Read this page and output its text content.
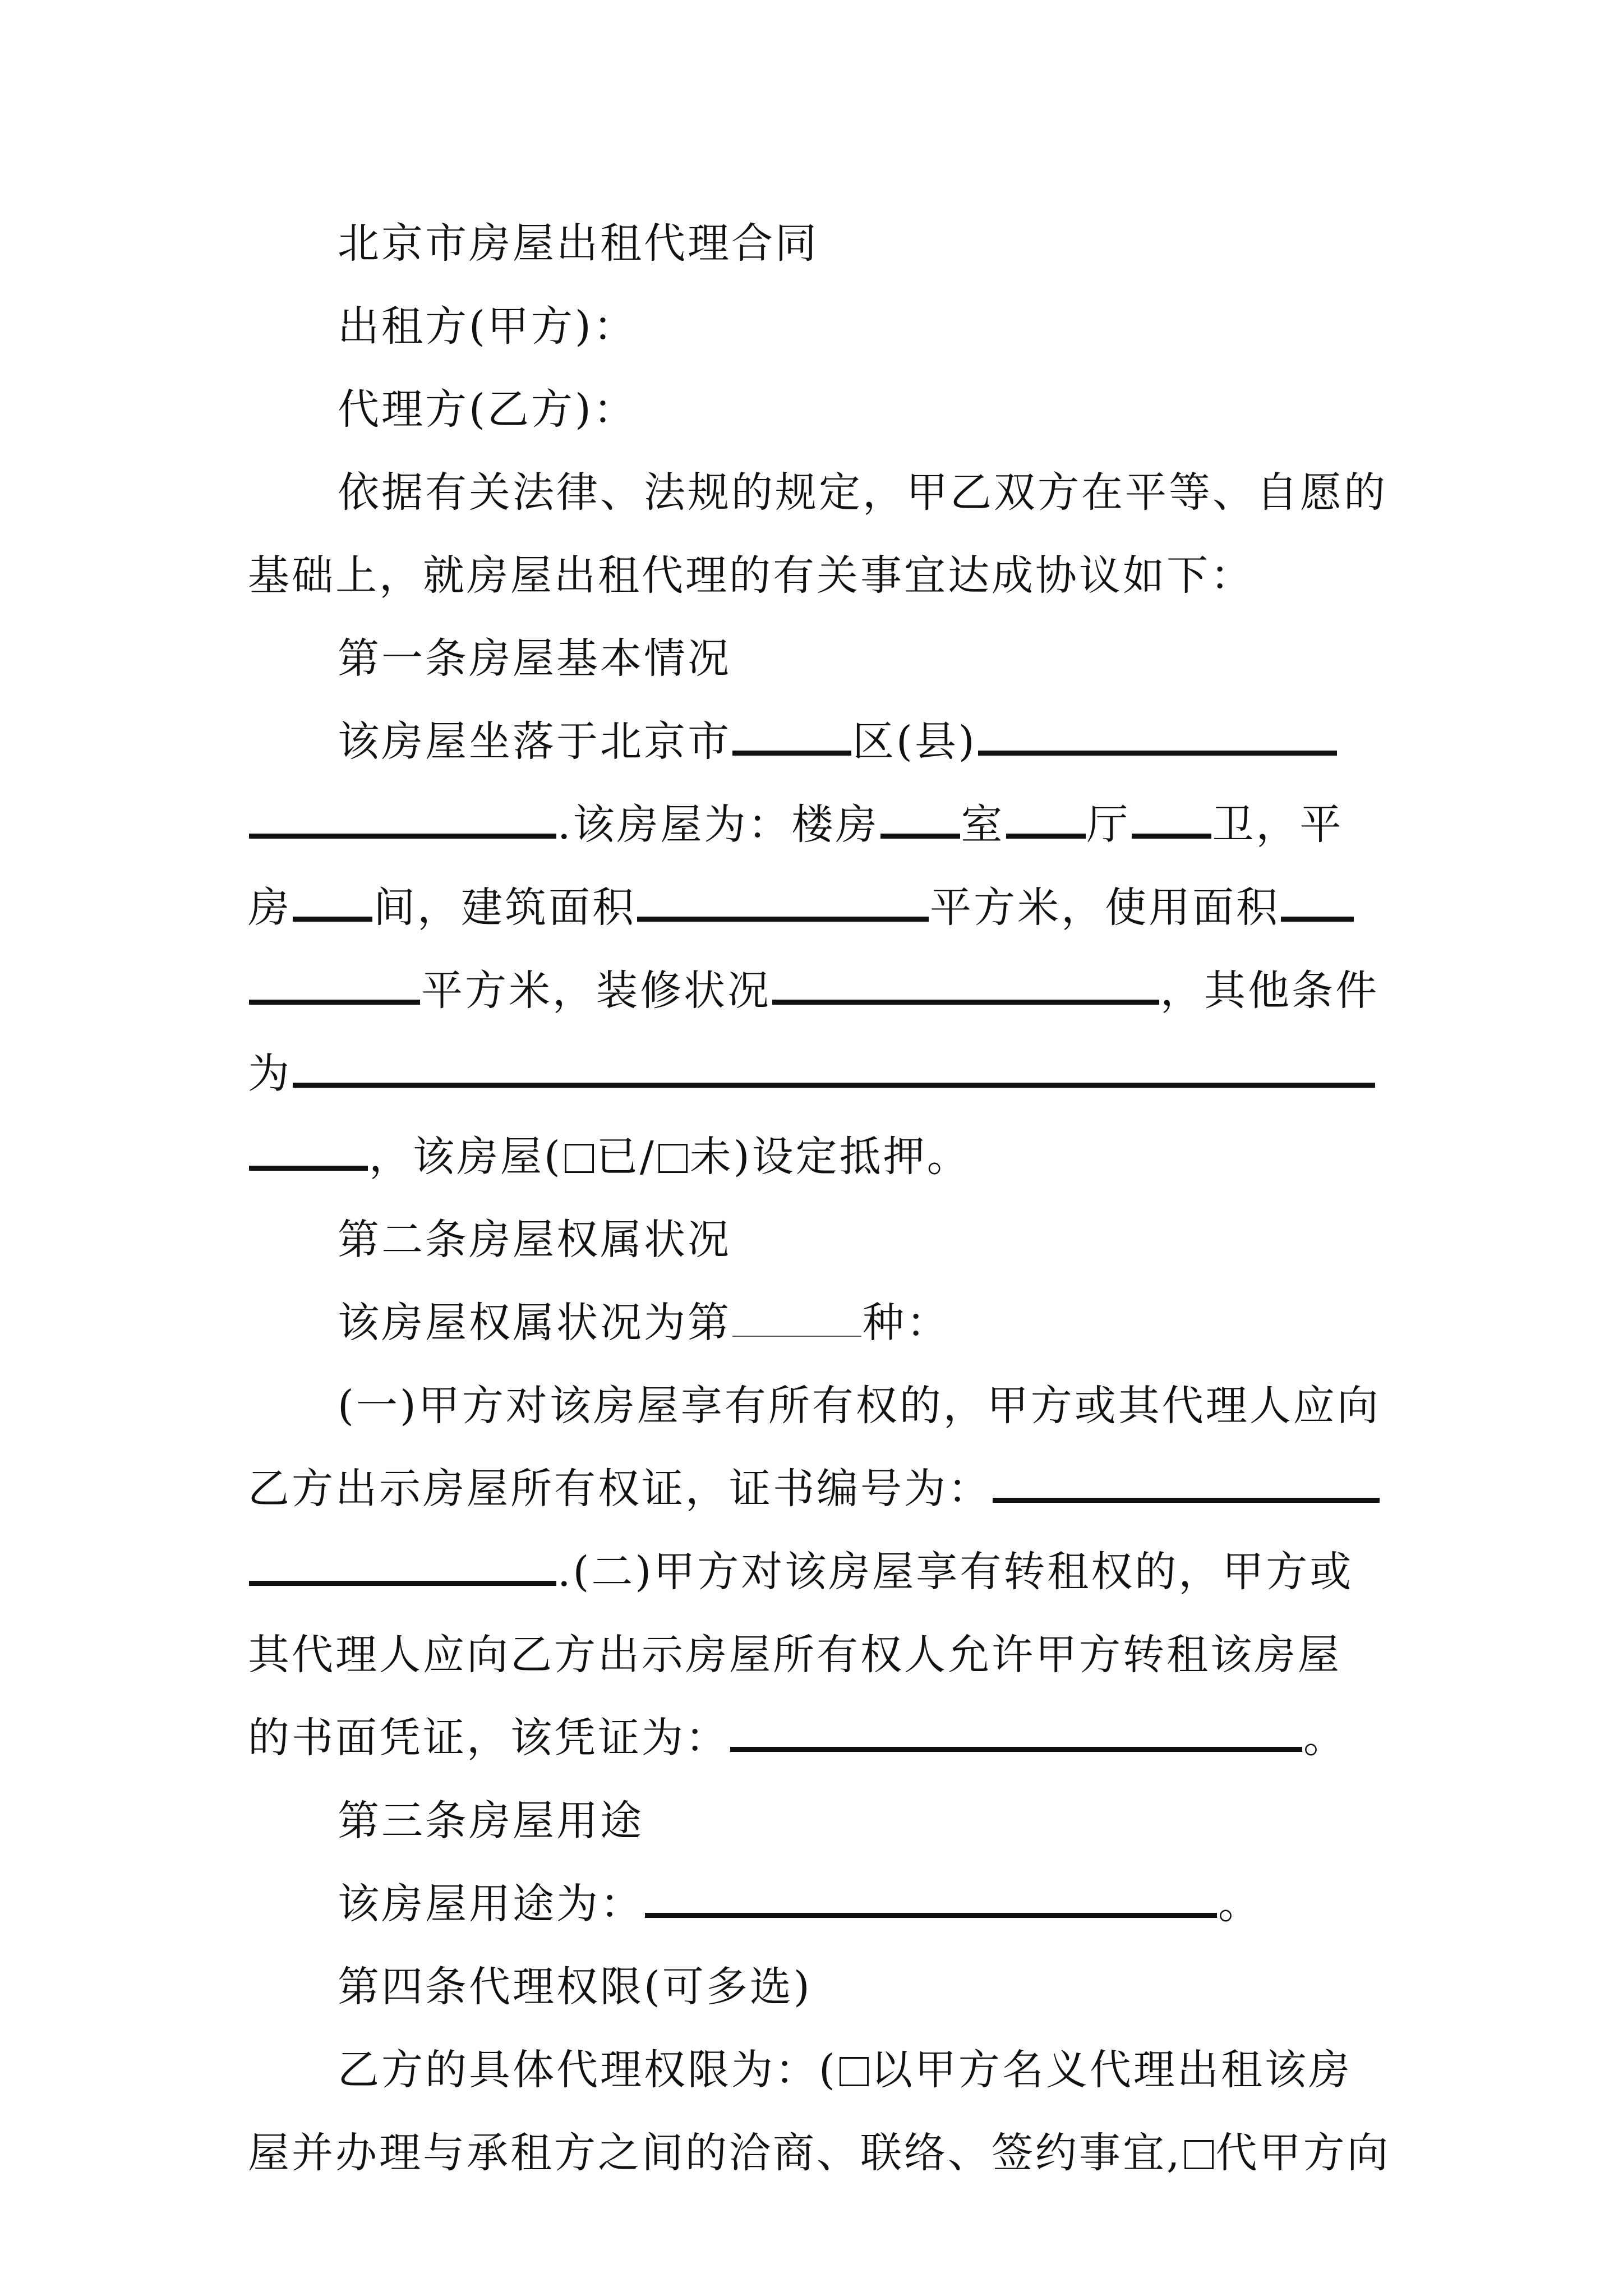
北京市房屋出租代理合同
出租方(甲方)：
代理方(乙方)：
依据有关法律、法规的规定，甲乙双方在平等、自愿的
基础上，就房屋出租代理的有关事宜达成协议如下：
第一条房屋基本情况
该房屋坐落于北京市	区(县)
.该房屋为：楼房 室 厅 卫，平
房 间，建筑面积	平方米，使用面积
平方米，装修状况	，其他条件
为
，该房屋( 已/ 未)设定抵押。
第二条房屋权属状况
该房屋权属状况为第	种：
(一)甲方对该房屋享有所有权的，甲方或其代理人应向
乙方出示房屋所有权证，证书编号为：
.(二)甲方对该房屋享有转租权的，甲方或
其代理人应向乙方出示房屋所有权人允许甲方转租该房屋
的书面凭证，该凭证为：	。
第三条房屋用途
该房屋用途为：	。
第四条代理权限(可多选)
乙方的具体代理权限为：( 以甲方名义代理出租该房
屋并办理与承租方之间的洽商、联络、签约事宜, 代甲方向
